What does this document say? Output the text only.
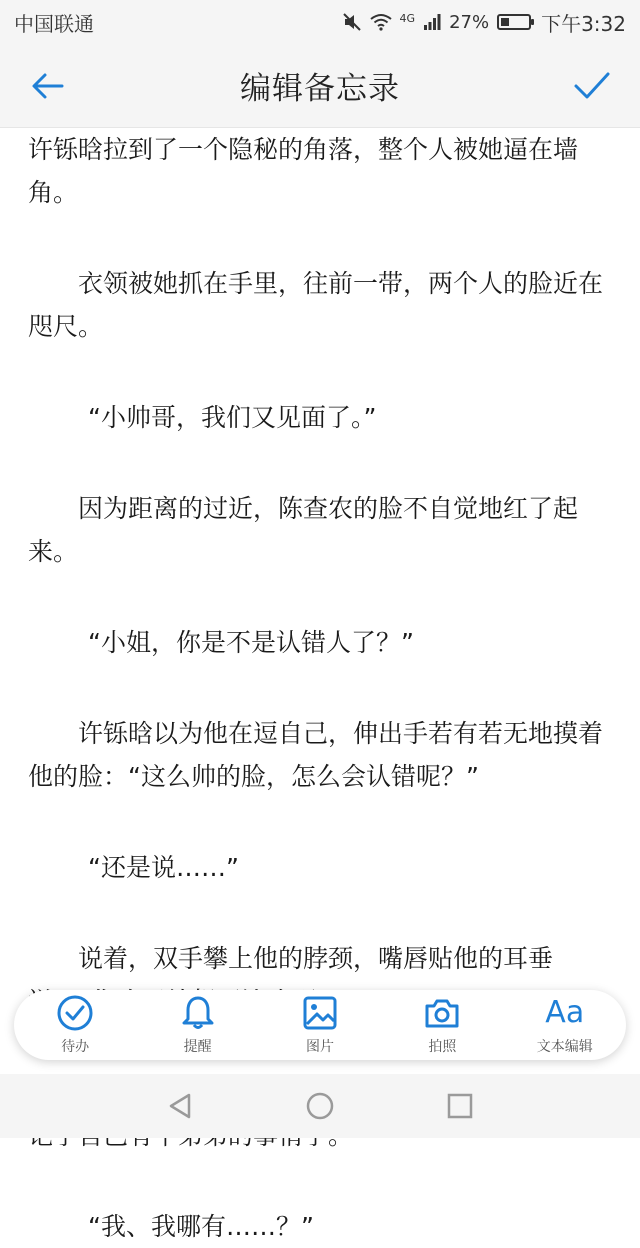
中国联通	4G 27%	下午3:32
编辑备忘录

许铄晗拉到了一个隐秘的角落，整个人被她逼在墙角。

衣领被她抓在手里，往前一带，两个人的脸近在咫尺。

“小帅哥，我们又见面了。”

因为距离的过近，陈查农的脸不自觉地红了起来。

“小姐，你是不是认错人了？”

许铄晗以为他在逗自己，伸出手若有若无地摸着他的脸：“这么帅的脸，怎么会认错呢？”

“还是说……”

说着，双手攀上他的脖颈，嘴唇贴他的耳垂

“我、我哪有……？”

待办	提醒	图片	拍照
Aa
文本编辑
